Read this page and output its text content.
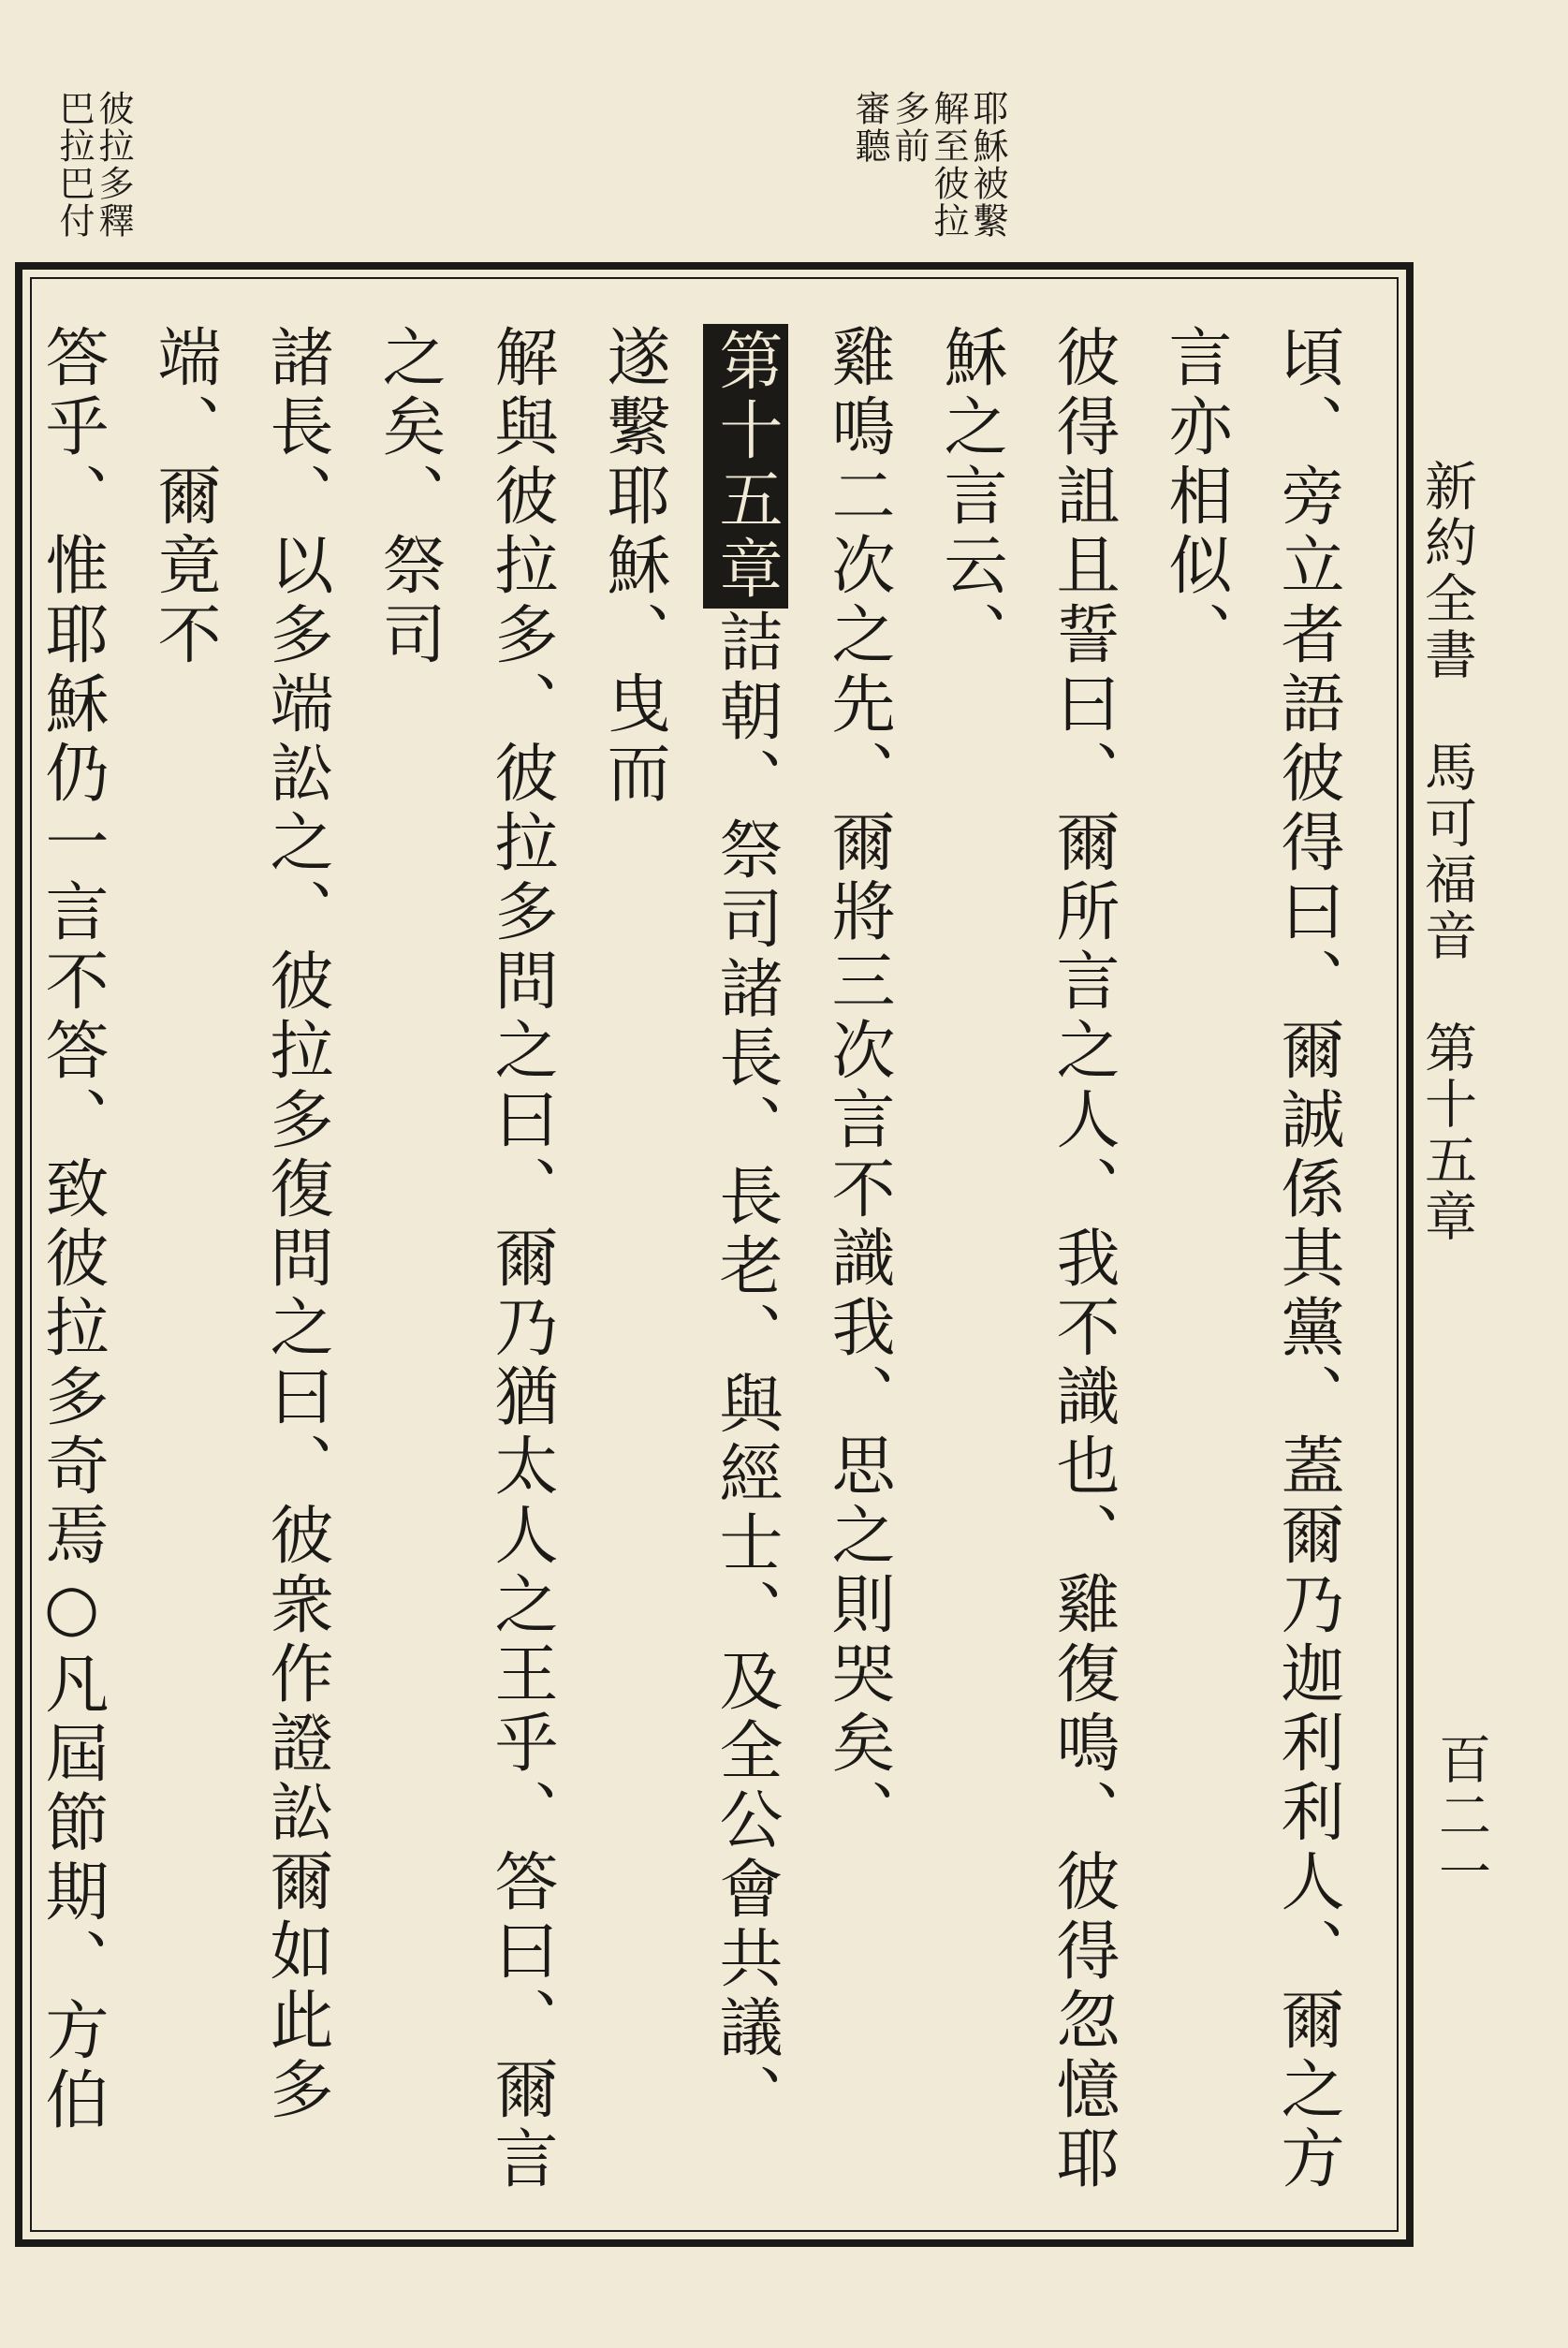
耶穌被繫
解至彼拉
多前
審聽
彼拉多釋
巴拉巴付
頃、旁立者語彼得曰、爾誠係其黨、蓋爾乃迦利利人、爾之方言亦相似、
彼得詛且誓曰、爾所言之人、我不識也、雞復鳴、彼得忽憶耶穌之言云、
雞鳴二次之先、爾將三次言不識我、思之則哭矣、
第十五章詰朝、祭司諸長、長老、與經士、及全公會共議、遂繫耶穌、曳而
解與彼拉多、彼拉多問之曰、爾乃猶太人之王乎、答曰、爾言之矣、祭司
諸長、以多端訟之、彼拉多復問之曰、彼衆作證訟爾如此多端、爾竟不
答乎、惟耶穌仍一言不答、致彼拉多奇焉○凡屆節期、方伯
新約全書　馬可福音　第十五章
百二一
